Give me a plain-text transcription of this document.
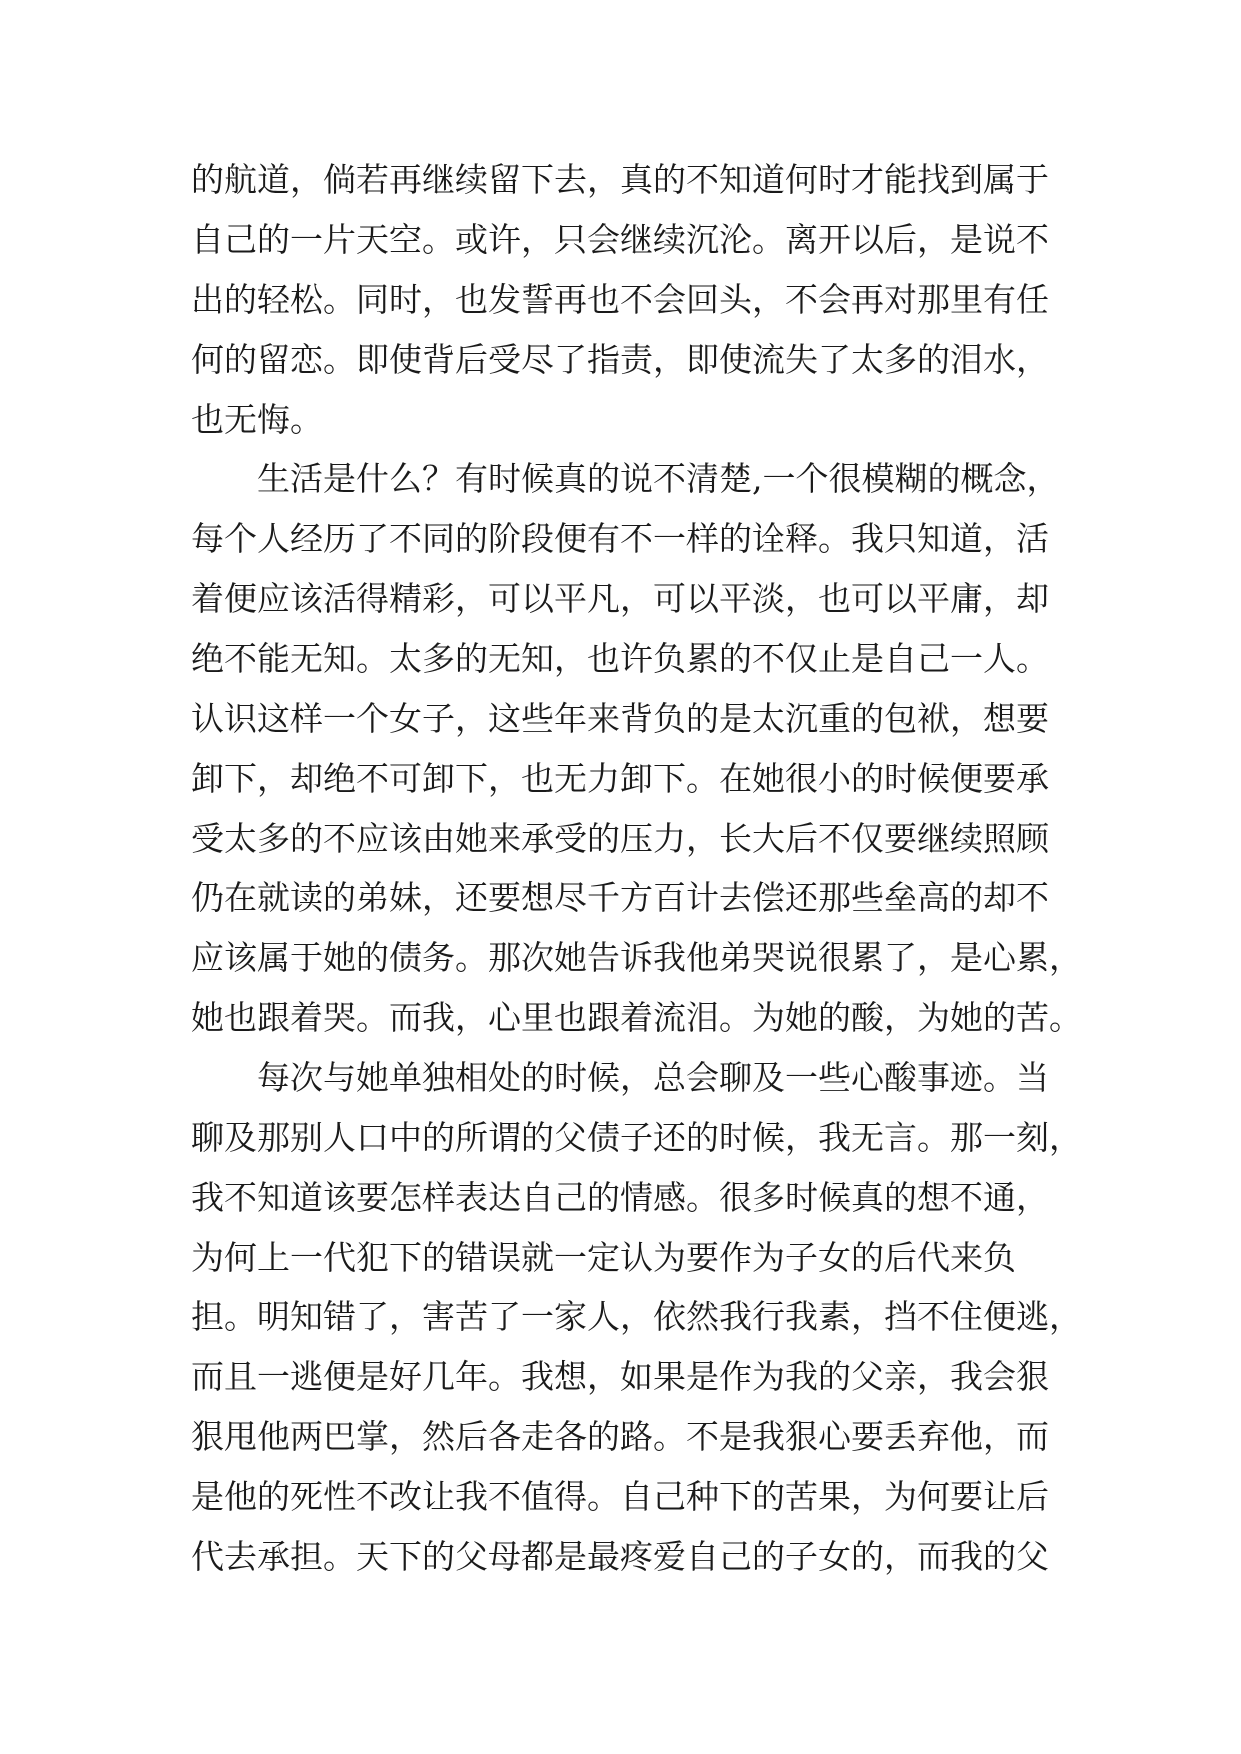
的航道，倘若再继续留下去，真的不知道何时才能找到属于
自己的一片天空。或许，只会继续沉沦。离开以后，是说不
出的轻松。同时，也发誓再也不会回头，不会再对那里有任
何的留恋。即使背后受尽了指责，即使流失了太多的泪水，
也无悔。
　　生活是什么？有时候真的说不清楚,一个很模糊的概念，
每个人经历了不同的阶段便有不一样的诠释。我只知道，活
着便应该活得精彩，可以平凡，可以平淡，也可以平庸，却
绝不能无知。太多的无知，也许负累的不仅止是自己一人。
认识这样一个女子，这些年来背负的是太沉重的包袱，想要
卸下，却绝不可卸下，也无力卸下。在她很小的时候便要承
受太多的不应该由她来承受的压力，长大后不仅要继续照顾
仍在就读的弟妹，还要想尽千方百计去偿还那些垒高的却不
应该属于她的债务。那次她告诉我他弟哭说很累了，是心累，
她也跟着哭。而我，心里也跟着流泪。为她的酸，为她的苦。
　　每次与她单独相处的时候，总会聊及一些心酸事迹。当
聊及那别人口中的所谓的父债子还的时候，我无言。那一刻，
我不知道该要怎样表达自己的情感。很多时候真的想不通，
为何上一代犯下的错误就一定认为要作为子女的后代来负
担。明知错了，害苦了一家人，依然我行我素，挡不住便逃，
而且一逃便是好几年。我想，如果是作为我的父亲，我会狠
狠甩他两巴掌，然后各走各的路。不是我狠心要丢弃他，而
是他的死性不改让我不值得。自己种下的苦果，为何要让后
代去承担。天下的父母都是最疼爱自己的子女的，而我的父
